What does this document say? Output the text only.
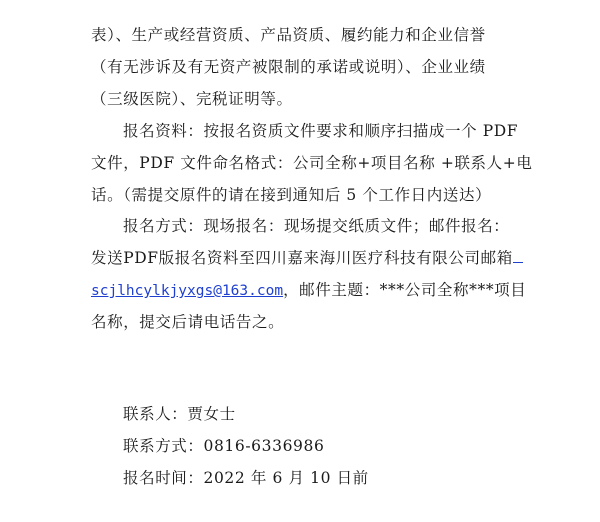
表）、生产或经营资质、产品资质、履约能力和企业信誉
（有无涉诉及有无资产被限制的承诺或说明）、企业业绩
（三级医院）、完税证明等。
报名资料：按报名资质文件要求和顺序扫描成一个 PDF
文件，PDF 文件命名格式：公司全称+项目名称 +联系人+电
话。（需提交原件的请在接到通知后 5 个工作日内送达）
报名方式：现场报名：现场提交纸质文件；邮件报名：
发送PDF版报名资料至四川嘉来海川医疗科技有限公司邮箱
scjlhcylkjyxgs@163.com，邮件主题：***公司全称***项目
名称，提交后请电话告之。
联系人：贾女士
联系方式：0816-6336986
报名时间：2022 年 6 月 10 日前
